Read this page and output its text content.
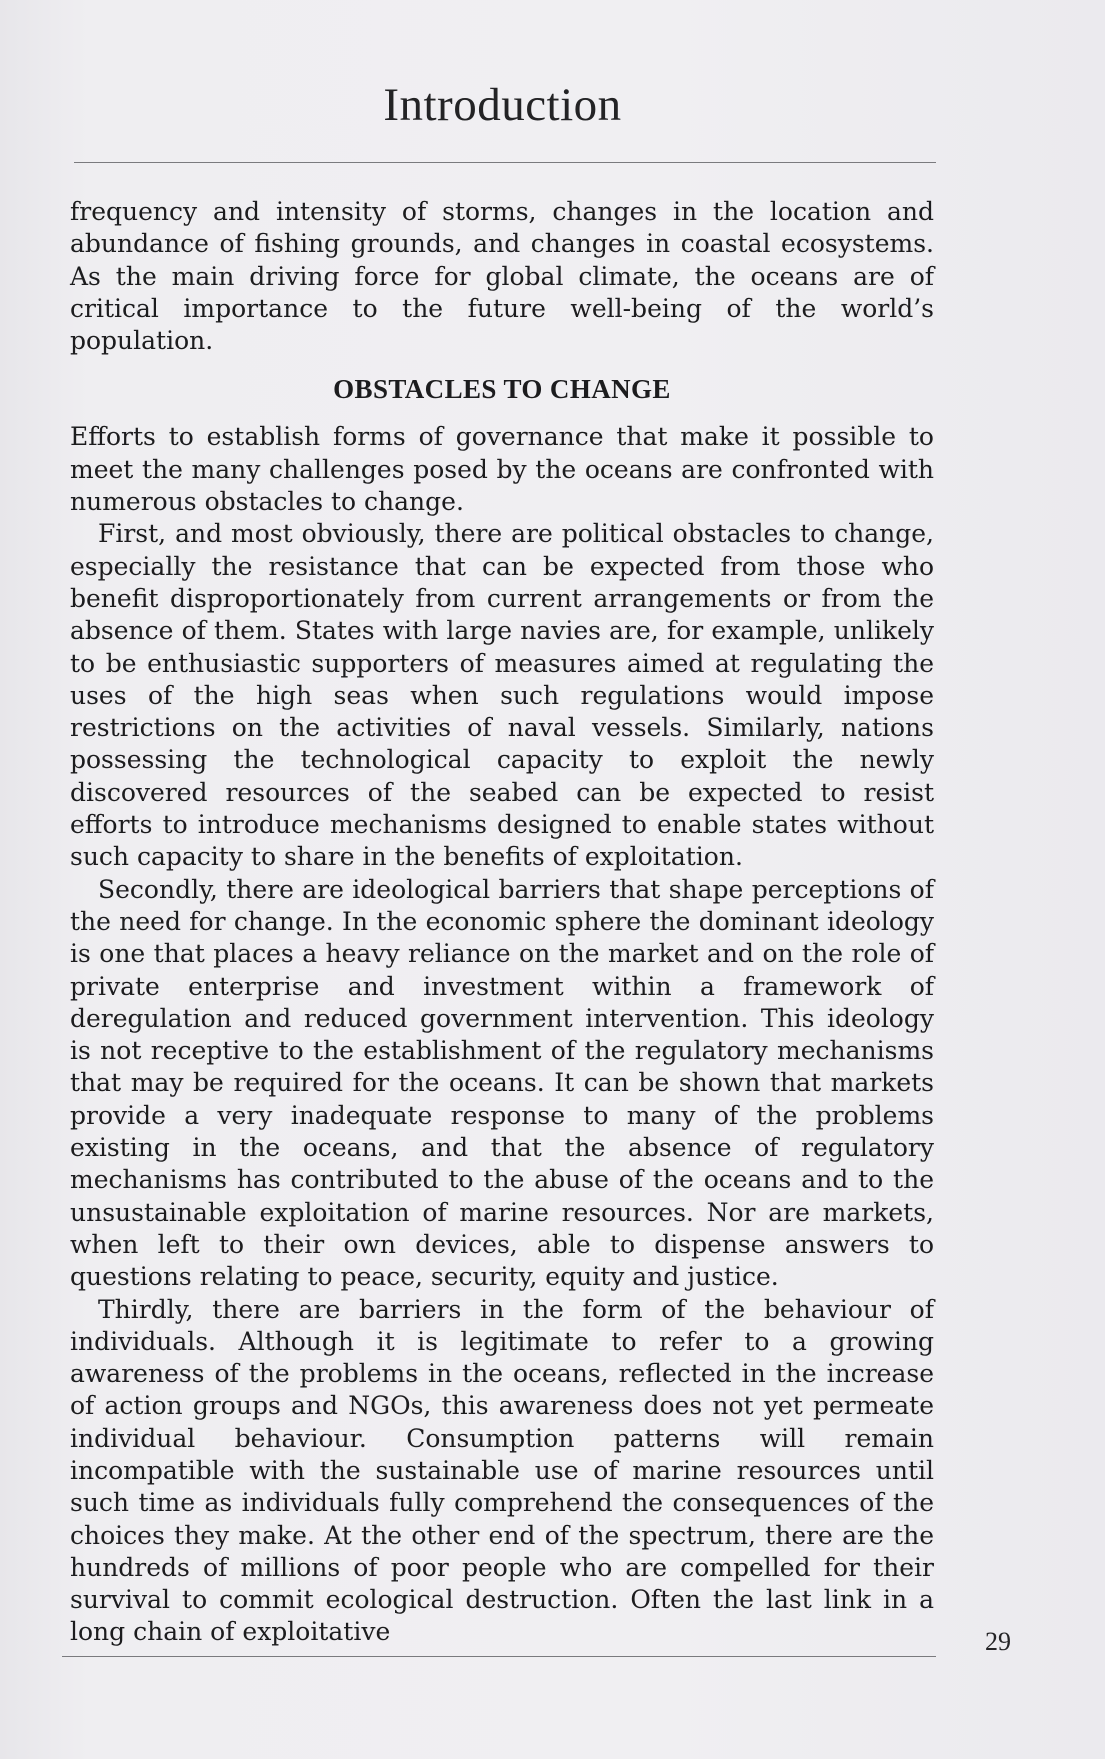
Introduction

frequency and intensity of storms, changes in the location and abundance of fishing grounds, and changes in coastal ecosystems. As the main driving force for global climate, the oceans are of critical importance to the future well-being of the world’s population.

OBSTACLES TO CHANGE

Efforts to establish forms of governance that make it possible to meet the many challenges posed by the oceans are confronted with numerous obstacles to change.

First, and most obviously, there are political obstacles to change, especially the resistance that can be expected from those who benefit disproportionately from current arrangements or from the absence of them. States with large navies are, for example, unlikely to be enthusiastic supporters of measures aimed at regulating the uses of the high seas when such regulations would impose restrictions on the activities of naval vessels. Similarly, nations possessing the technological capacity to exploit the newly discovered resources of the seabed can be expected to resist efforts to introduce mechanisms designed to enable states without such capacity to share in the benefits of exploitation.

Secondly, there are ideological barriers that shape perceptions of the need for change. In the economic sphere the dominant ideology is one that places a heavy reliance on the market and on the role of private enterprise and investment within a framework of deregulation and reduced government intervention. This ideology is not receptive to the establishment of the regulatory mechanisms that may be required for the oceans. It can be shown that markets provide a very inadequate response to many of the problems existing in the oceans, and that the absence of regulatory mechanisms has contributed to the abuse of the oceans and to the unsustainable exploitation of marine resources. Nor are markets, when left to their own devices, able to dispense answers to questions relating to peace, security, equity and justice.

Thirdly, there are barriers in the form of the behaviour of individuals. Although it is legitimate to refer to a growing awareness of the problems in the oceans, reflected in the increase of action groups and NGOs, this awareness does not yet permeate individual behaviour. Consumption patterns will remain incompatible with the sustainable use of marine resources until such time as individuals fully comprehend the consequences of the choices they make. At the other end of the spectrum, there are the hundreds of millions of poor people who are compelled for their survival to commit ecological destruction. Often the last link in a long chain of exploitative	29
